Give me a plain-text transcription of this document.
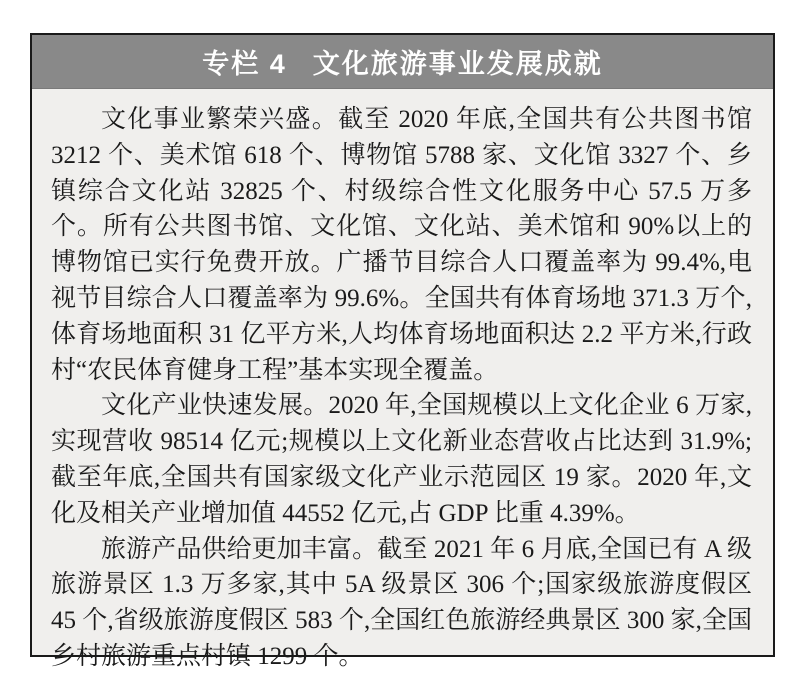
专栏 4 文化旅游事业发展成就

文化事业繁荣兴盛。截至 2020 年底,全国共有公共图书馆 3212 个、美术馆 618 个、博物馆 5788 家、文化馆 3327 个、乡镇综合文化站 32825 个、村级综合性文化服务中心 57.5 万多个。所有公共图书馆、文化馆、文化站、美术馆和 90%以上的博物馆已实行免费开放。广播节目综合人口覆盖率为 99.4%,电视节目综合人口覆盖率为 99.6%。全国共有体育场地 371.3 万个,体育场地面积 31 亿平方米,人均体育场地面积达 2.2 平方米,行政村“农民体育健身工程”基本实现全覆盖。

文化产业快速发展。2020 年,全国规模以上文化企业 6 万家,实现营收 98514 亿元;规模以上文化新业态营收占比达到 31.9%;截至年底,全国共有国家级文化产业示范园区 19 家。2020 年,文化及相关产业增加值 44552 亿元,占 GDP 比重 4.39%。

旅游产品供给更加丰富。截至 2021 年 6 月底,全国已有 A 级旅游景区 1.3 万多家,其中 5A 级景区 306 个;国家级旅游度假区 45 个,省级旅游度假区 583 个,全国红色旅游经典景区 300 家,全国乡村旅游重点村镇 1299 个。
